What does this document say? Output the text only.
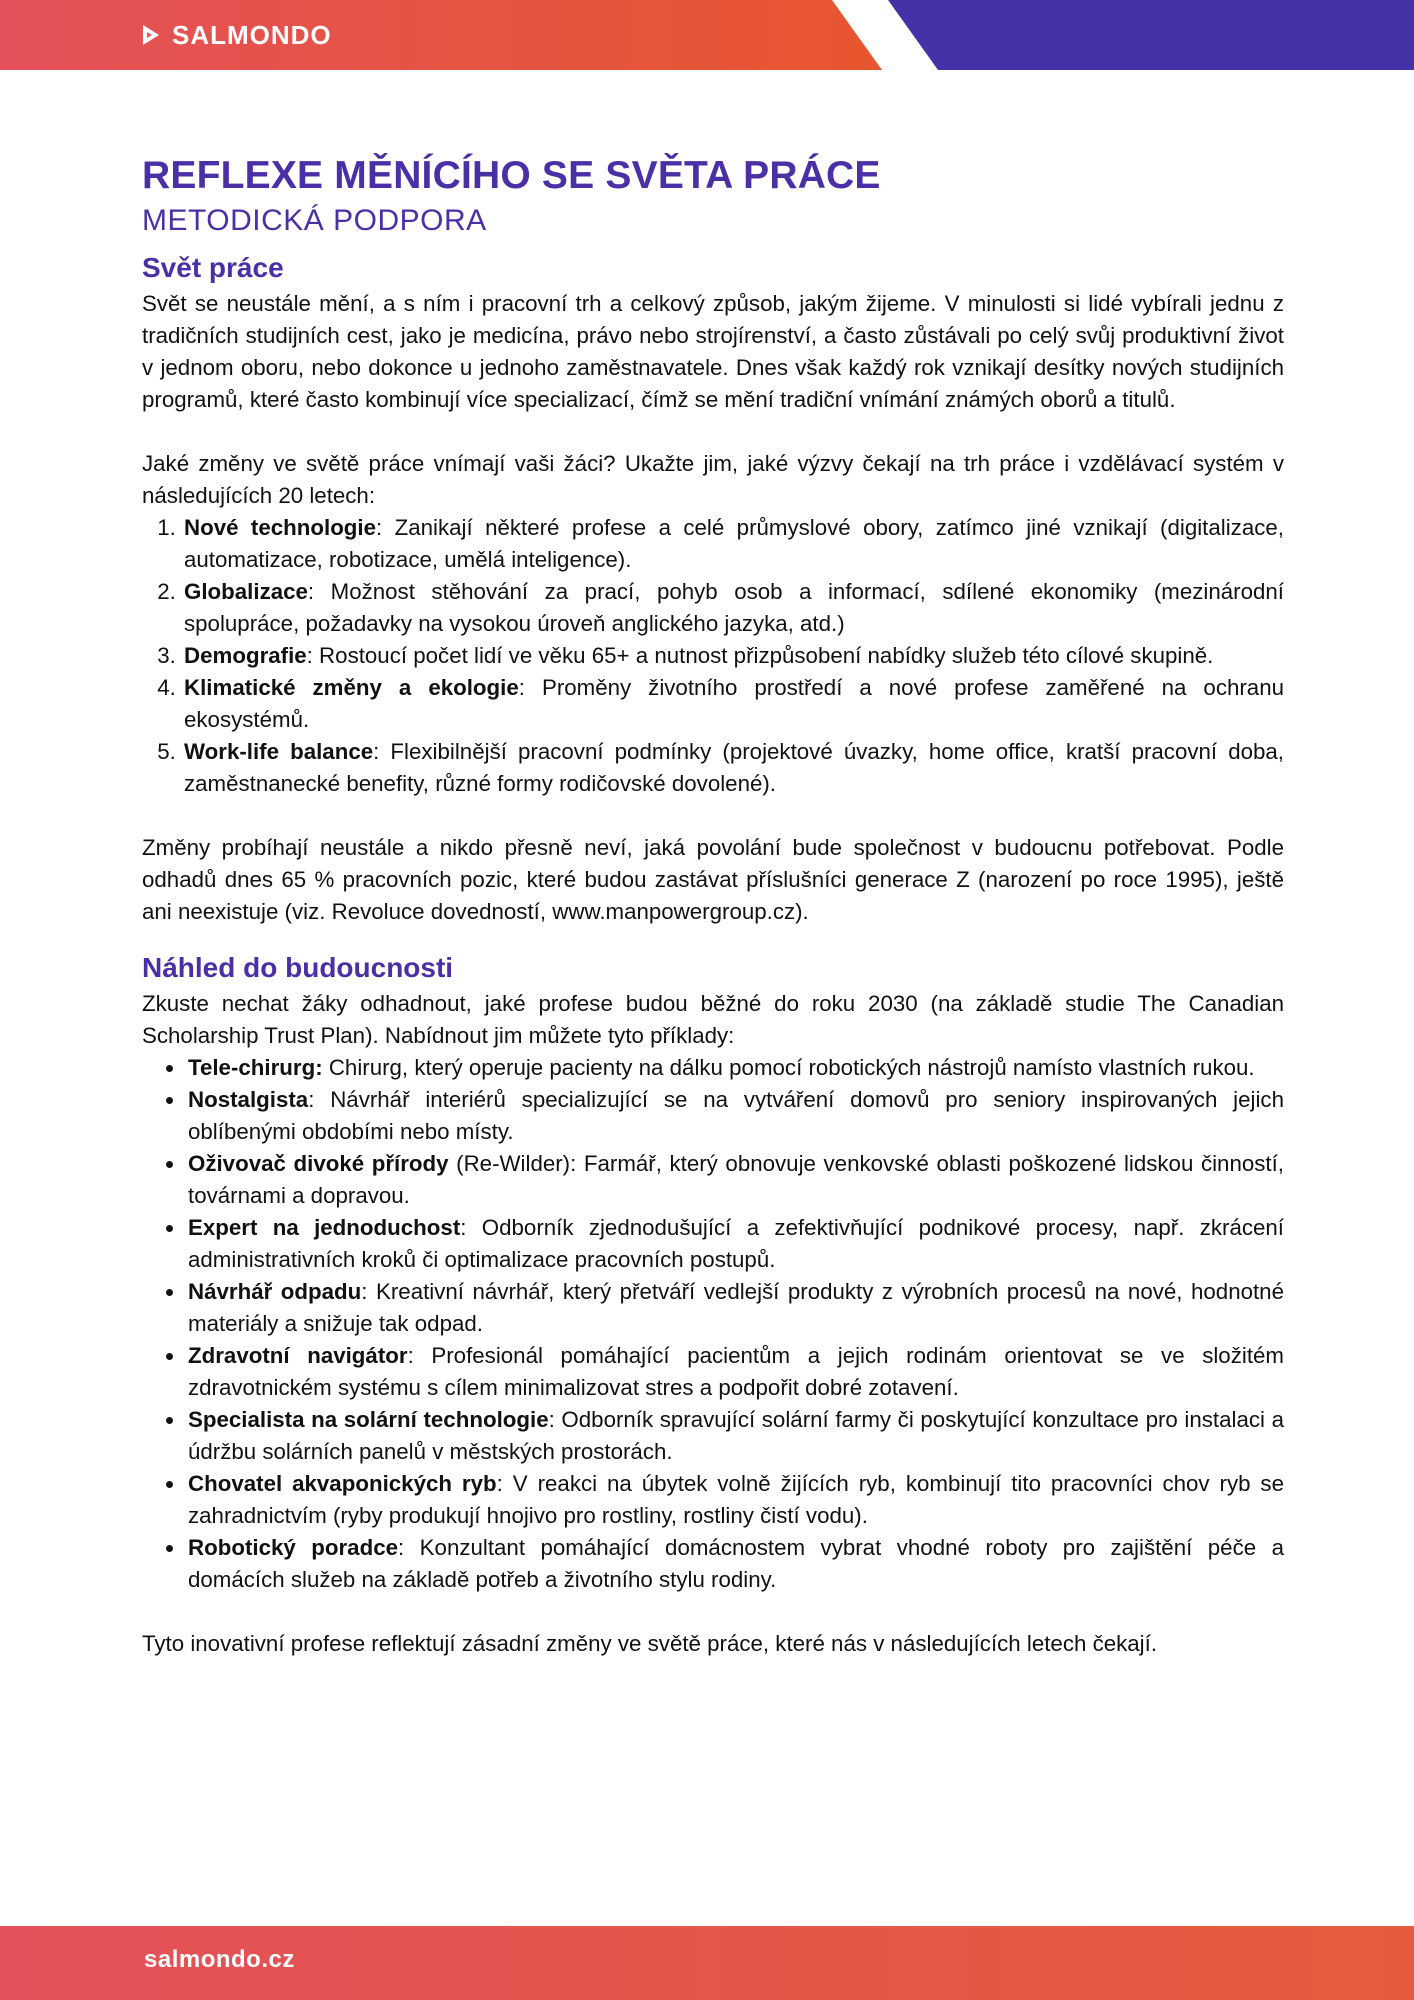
SALMONDO
REFLEXE MĚNÍCÍHO SE SVĚTA PRÁCE
METODICKÁ PODPORA
Svět práce

Svět se neustále mění, a s ním i pracovní trh a celkový způsob, jakým žijeme. V minulosti si lidé vybírali jednu z tradičních studijních cest, jako je medicína, právo nebo strojírenství, a často zůstávali po celý svůj produktivní život v jednom oboru, nebo dokonce u jednoho zaměstnavatele. Dnes však každý rok vznikají desítky nových studijních programů, které často kombinují více specializací, čímž se mění tradiční vnímání známých oborů a titulů.

Jaké změny ve světě práce vnímají vaši žáci? Ukažte jim, jaké výzvy čekají na trh práce i vzdělávací systém v následujících 20 letech:

1. Nové technologie: Zanikají některé profese a celé průmyslové obory, zatímco jiné vznikají (digitalizace, automatizace, robotizace, umělá inteligence).
2. Globalizace: Možnost stěhování za prací, pohyb osob a informací, sdílené ekonomiky (mezinárodní spolupráce, požadavky na vysokou úroveň anglického jazyka, atd.)
3. Demografie: Rostoucí počet lidí ve věku 65+ a nutnost přizpůsobení nabídky služeb této cílové skupině.
4. Klimatické změny a ekologie: Proměny životního prostředí a nové profese zaměřené na ochranu ekosystémů.
5. Work-life balance: Flexibilnější pracovní podmínky (projektové úvazky, home office, kratší pracovní doba, zaměstnanecké benefity, různé formy rodičovské dovolené).

Změny probíhají neustále a nikdo přesně neví, jaká povolání bude společnost v budoucnu potřebovat. Podle odhadů dnes 65 % pracovních pozic, které budou zastávat příslušníci generace Z (narození po roce 1995), ještě ani neexistuje (viz. Revoluce dovedností, www.manpowergroup.cz).

Náhled do budoucnosti

Zkuste nechat žáky odhadnout, jaké profese budou běžné do roku 2030 (na základě studie The Canadian Scholarship Trust Plan). Nabídnout jim můžete tyto příklady:

• Tele-chirurg: Chirurg, který operuje pacienty na dálku pomocí robotických nástrojů namísto vlastních rukou.
• Nostalgista: Návrhář interiérů specializující se na vytváření domovů pro seniory inspirovaných jejich oblíbenými obdobími nebo místy.
• Oživovač divoké přírody (Re-Wilder): Farmář, který obnovuje venkovské oblasti poškozené lidskou činností, továrnami a dopravou.
• Expert na jednoduchost: Odborník zjednodušující a zefektivňující podnikové procesy, např. zkrácení administrativních kroků či optimalizace pracovních postupů.
• Návrhář odpadu: Kreativní návrhář, který přetváří vedlejší produkty z výrobních procesů na nové, hodnotné materiály a snižuje tak odpad.
• Zdravotní navigátor: Profesionál pomáhající pacientům a jejich rodinám orientovat se ve složitém zdravotnickém systému s cílem minimalizovat stres a podpořit dobré zotavení.
• Specialista na solární technologie: Odborník spravující solární farmy či poskytující konzultace pro instalaci a údržbu solárních panelů v městských prostorách.
• Chovatel akvaponických ryb: V reakci na úbytek volně žijících ryb, kombinují tito pracovníci chov ryb se zahradnictvím (ryby produkují hnojivo pro rostliny, rostliny čistí vodu).
• Robotický poradce: Konzultant pomáhající domácnostem vybrat vhodné roboty pro zajištění péče a domácích služeb na základě potřeb a životního stylu rodiny.

Tyto inovativní profese reflektují zásadní změny ve světě práce, které nás v následujících letech čekají.

salmondo.cz
